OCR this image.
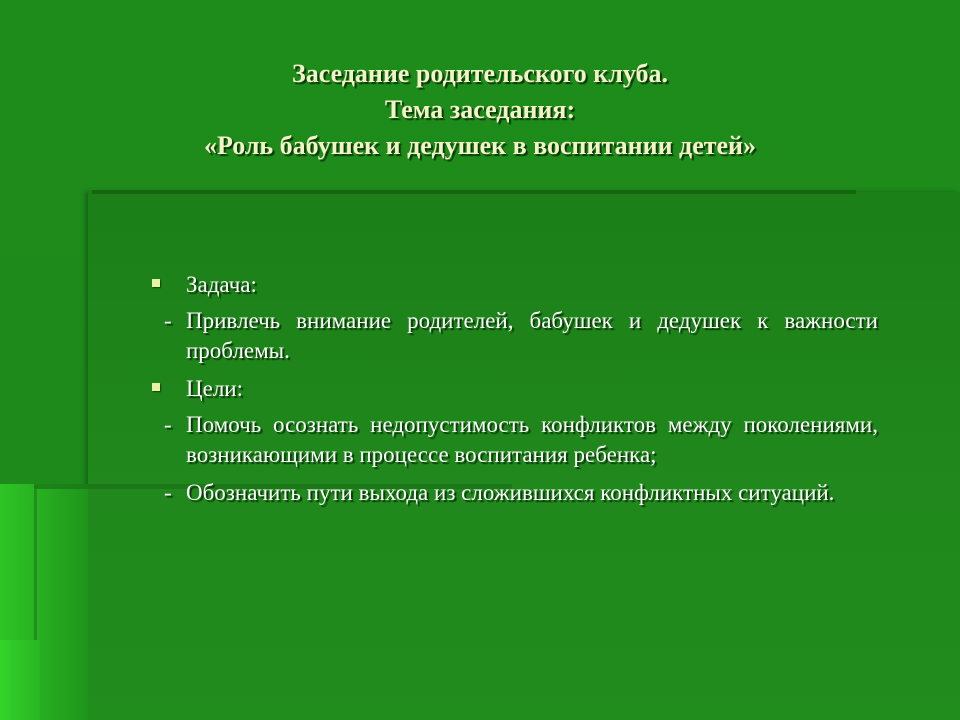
Заседание родительского клуба.
Тема заседания:
«Роль бабушек и дедушек в воспитании детей»
Задача:
- Привлечь внимание родителей, бабушек и дедушек к важности проблемы.
Цели:
- Помочь осознать недопустимость конфликтов между поколениями, возникающими в процессе воспитания ребенка;
- Обозначить пути выхода из сложившихся конфликтных ситуаций.
